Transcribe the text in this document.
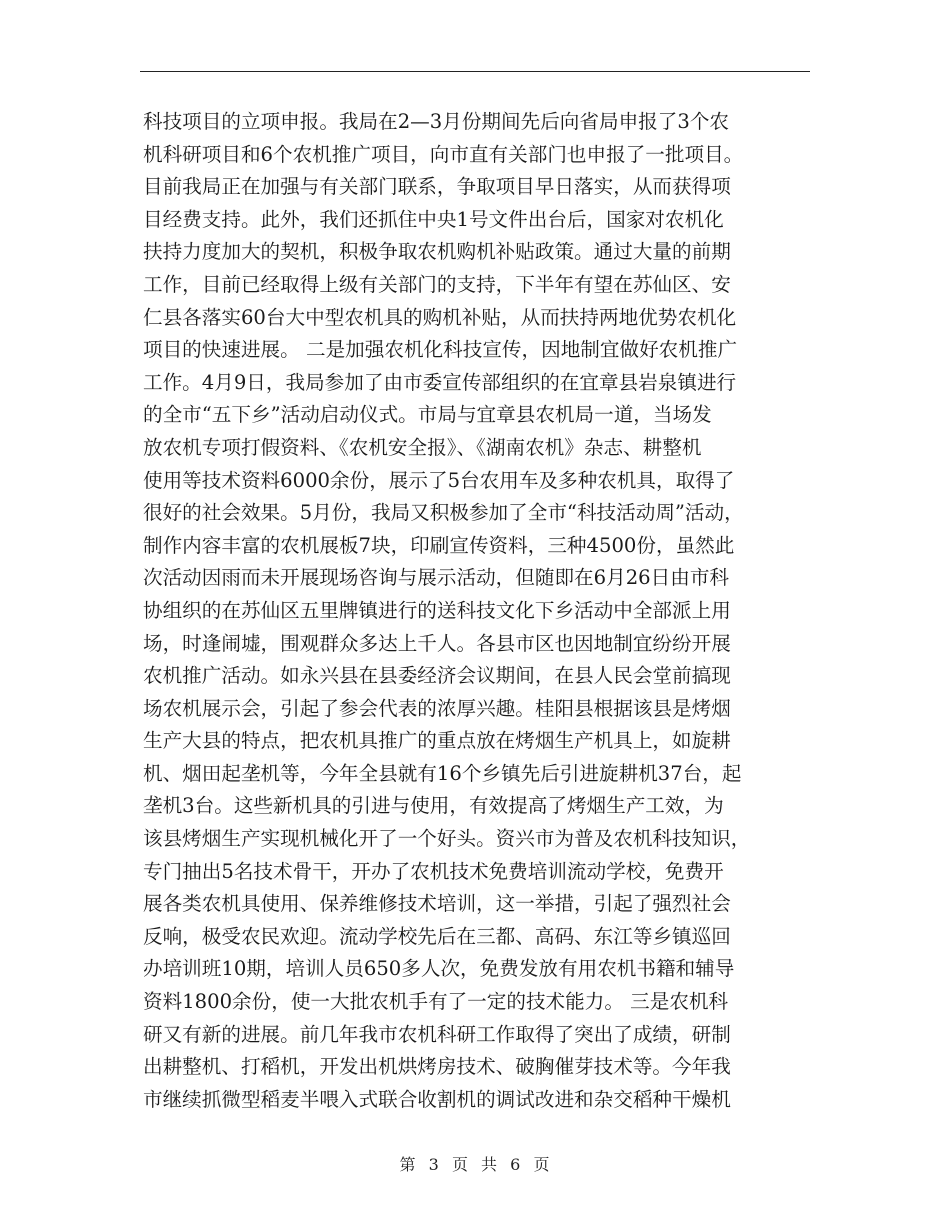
科技项目的立项申报。我局在2—3月份期间先后向省局申报了3个农
机科研项目和6个农机推广项目，向市直有关部门也申报了一批项目。
目前我局正在加强与有关部门联系，争取项目早日落实，从而获得项
目经费支持。此外，我们还抓住中央1号文件出台后，国家对农机化
扶持力度加大的契机，积极争取农机购机补贴政策。通过大量的前期
工作，目前已经取得上级有关部门的支持，下半年有望在苏仙区、安
仁县各落实60台大中型农机具的购机补贴，从而扶持两地优势农机化
项目的快速进展。 二是加强农机化科技宣传，因地制宜做好农机推广
工作。4月9日，我局参加了由市委宣传部组织的在宜章县岩泉镇进行
的全市“五下乡”活动启动仪式。市局与宜章县农机局一道，当场发
放农机专项打假资料、《农机安全报》、《湖南农机》杂志、耕整机
使用等技术资料6000余份，展示了5台农用车及多种农机具，取得了
很好的社会效果。5月份，我局又积极参加了全市“科技活动周”活动，
制作内容丰富的农机展板7块，印刷宣传资料，三种4500份，虽然此
次活动因雨而未开展现场咨询与展示活动，但随即在6月26日由市科
协组织的在苏仙区五里牌镇进行的送科技文化下乡活动中全部派上用
场，时逢闹墟，围观群众多达上千人。各县市区也因地制宜纷纷开展
农机推广活动。如永兴县在县委经济会议期间，在县人民会堂前搞现
场农机展示会，引起了参会代表的浓厚兴趣。桂阳县根据该县是烤烟
生产大县的特点，把农机具推广的重点放在烤烟生产机具上，如旋耕
机、烟田起垄机等，今年全县就有16个乡镇先后引进旋耕机37台，起
垄机3台。这些新机具的引进与使用，有效提高了烤烟生产工效，为
该县烤烟生产实现机械化开了一个好头。资兴市为普及农机科技知识，
专门抽出5名技术骨干，开办了农机技术免费培训流动学校，免费开
展各类农机具使用、保养维修技术培训，这一举措，引起了强烈社会
反响，极受农民欢迎。流动学校先后在三都、高码、东江等乡镇巡回
办培训班10期，培训人员650多人次，免费发放有用农机书籍和辅导
资料1800余份，使一大批农机手有了一定的技术能力。 三是农机科
研又有新的进展。前几年我市农机科研工作取得了突出了成绩，研制
出耕整机、打稻机，开发出机烘烤房技术、破胸催芽技术等。今年我
市继续抓微型稻麦半喂入式联合收割机的调试改进和杂交稻种干燥机
第 3 页 共 6 页
